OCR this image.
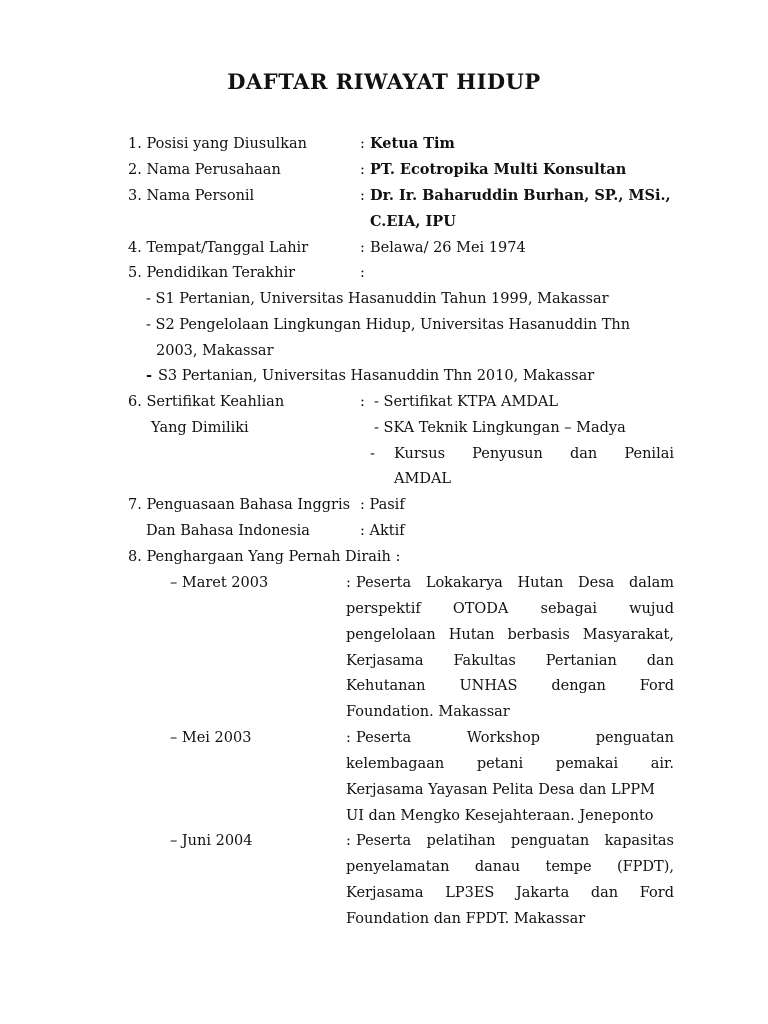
DAFTAR RIWAYAT HIDUP
1. Posisi yang Diusulkan	: Ketua Tim
2. Nama Perusahaan	: PT. Ecotropika Multi Konsultan
3. Nama Personil	: Dr. Ir. Baharuddin Burhan, SP., MSi.,
C.EIA, IPU
4. Tempat/Tanggal Lahir	: Belawa/ 26 Mei 1974
5. Pendidikan Terakhir	:
- S1 Pertanian, Universitas Hasanuddin Tahun 1999, Makassar
- S2 Pengelolaan Lingkungan Hidup, Universitas Hasanuddin Thn
2003, Makassar
- S3 Pertanian, Universitas Hasanuddin Thn 2010, Makassar
6. Sertifikat Keahlian
Yang Dimiliki
: - Sertifikat KTPA AMDAL
- SKA Teknik Lingkungan – Madya
- Kursus Penyusun dan Penilai
AMDAL
7. Penguasaan Bahasa Inggris : Pasif
Dan Bahasa Indonesia	: Aktif
8. Penghargaan Yang Pernah Diraih :
– Maret 2003	: Peserta Lokakarya Hutan Desa dalam
perspektif OTODA sebagai wujud
pengelolaan Hutan berbasis Masyarakat,
Kerjasama Fakultas Pertanian dan
Kehutanan UNHAS dengan Ford
Foundation. Makassar
– Mei 2003	: Peserta Workshop penguatan
kelembagaan petani pemakai air.
Kerjasama Yayasan Pelita Desa dan LPPM
UI dan Mengko Kesejahteraan. Jeneponto
– Juni 2004	: Peserta pelatihan penguatan kapasitas
penyelamatan danau tempe (FPDT),
Kerjasama LP3ES Jakarta dan Ford
Foundation dan FPDT. Makassar
